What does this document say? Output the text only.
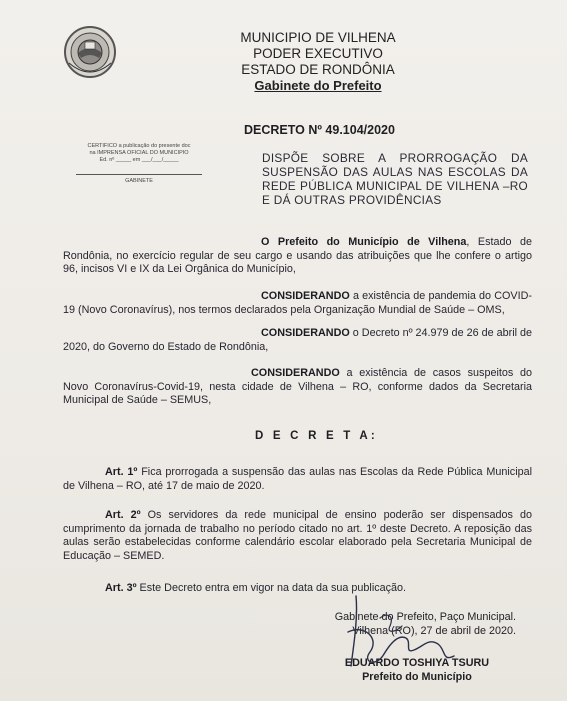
MUNICIPIO DE VILHENA
PODER EXECUTIVO
ESTADO DE RONDÔNIA
Gabinete do Prefeito
DECRETO Nº 49.104/2020
CERTIFICO a publicação do presente doc
na IMPRENSA OFICIAL DO MUNICIPIO
Ed. nº _____ em ___/___/_____
GABINETE
DISPÕE SOBRE A PRORROGAÇÃO DA SUSPENSÃO DAS AULAS NAS ESCOLAS DA REDE PÚBLICA MUNICIPAL DE VILHENA –RO E DÁ OUTRAS PROVIDÊNCIAS
O Prefeito do Município de Vilhena, Estado de Rondônia, no exercício regular de seu cargo e usando das atribuições que lhe confere o artigo 96, incisos VI e IX da Lei Orgânica do Município,
CONSIDERANDO a existência de pandemia do COVID-19 (Novo Coronavírus), nos termos declarados pela Organização Mundial de Saúde – OMS,
CONSIDERANDO o Decreto nº 24.979 de 26 de abril de 2020, do Governo do Estado de Rondônia,
CONSIDERANDO a existência de casos suspeitos do Novo Coronavírus-Covid-19, nesta cidade de Vilhena – RO, conforme dados da Secretaria Municipal de Saúde – SEMUS,
D E C R E T A:
Art. 1º Fica prorrogada a suspensão das aulas nas Escolas da Rede Pública Municipal de Vilhena – RO, até 17 de maio de 2020.
Art. 2º Os servidores da rede municipal de ensino poderão ser dispensados do cumprimento da jornada de trabalho no período citado no art. 1º deste Decreto. A reposição das aulas serão estabelecidas conforme calendário escolar elaborado pela Secretaria Municipal de Educação – SEMED.
Art. 3º Este Decreto entra em vigor na data da sua publicação.
Gabinete do Prefeito, Paço Municipal.
Vilhena (RO), 27 de abril de 2020.
EDUARDO TOSHIYA TSURU
Prefeito do Município
